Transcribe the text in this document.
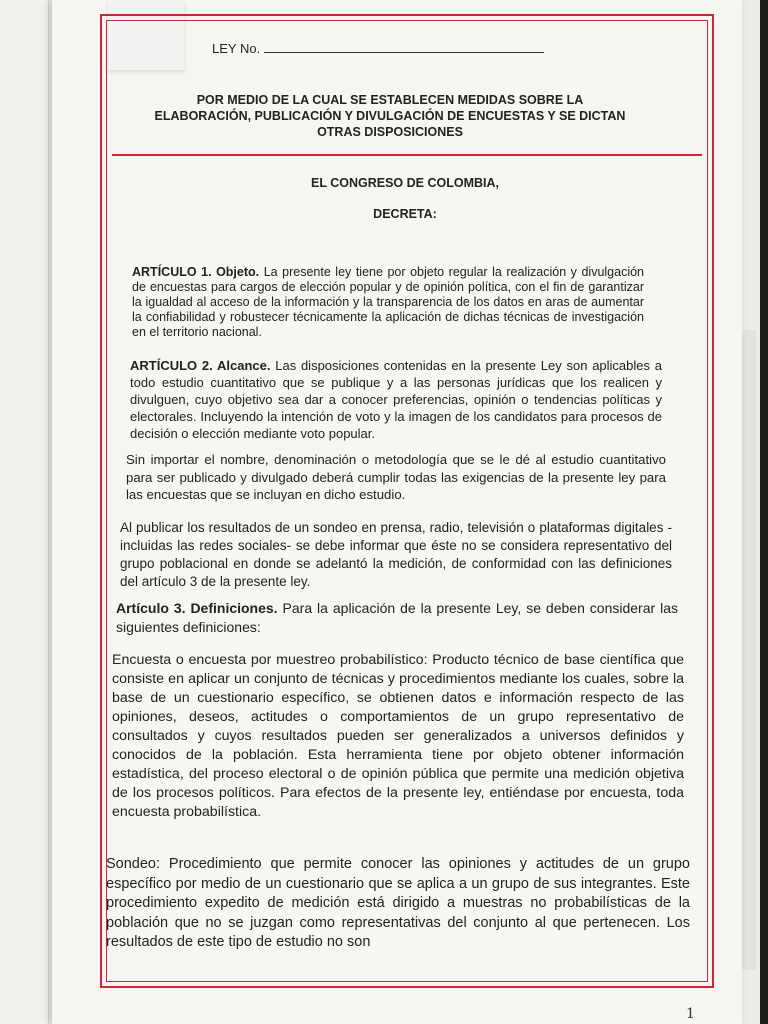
LEY No.
POR MEDIO DE LA CUAL SE ESTABLECEN MEDIDAS SOBRE LA ELABORACIÓN, PUBLICACIÓN Y DIVULGACIÓN DE ENCUESTAS Y SE DICTAN OTRAS DISPOSICIONES
EL CONGRESO DE COLOMBIA,
DECRETA:
ARTÍCULO 1. Objeto. La presente ley tiene por objeto regular la realización y divulgación de encuestas para cargos de elección popular y de opinión política, con el fin de garantizar la igualdad al acceso de la información y la transparencia de los datos en aras de aumentar la confiabilidad y robustecer técnicamente la aplicación de dichas técnicas de investigación en el territorio nacional.
ARTÍCULO 2. Alcance. Las disposiciones contenidas en la presente Ley son aplicables a todo estudio cuantitativo que se publique y a las personas jurídicas que los realicen y divulguen, cuyo objetivo sea dar a conocer preferencias, opinión o tendencias políticas y electorales. Incluyendo la intención de voto y la imagen de los candidatos para procesos de decisión o elección mediante voto popular.
Sin importar el nombre, denominación o metodología que se le dé al estudio cuantitativo para ser publicado y divulgado deberá cumplir todas las exigencias de la presente ley para las encuestas que se incluyan en dicho estudio.
Al publicar los resultados de un sondeo en prensa, radio, televisión o plataformas digitales -incluidas las redes sociales- se debe informar que éste no se considera representativo del grupo poblacional en donde se adelantó la medición, de conformidad con las definiciones del artículo 3 de la presente ley.
Artículo 3. Definiciones. Para la aplicación de la presente Ley, se deben considerar las siguientes definiciones:
Encuesta o encuesta por muestreo probabilístico: Producto técnico de base científica que consiste en aplicar un conjunto de técnicas y procedimientos mediante los cuales, sobre la base de un cuestionario específico, se obtienen datos e información respecto de las opiniones, deseos, actitudes o comportamientos de un grupo representativo de consultados y cuyos resultados pueden ser generalizados a universos definidos y conocidos de la población. Esta herramienta tiene por objeto obtener información estadística, del proceso electoral o de opinión pública que permite una medición objetiva de los procesos políticos. Para efectos de la presente ley, entiéndase por encuesta, toda encuesta probabilística.
Sondeo: Procedimiento que permite conocer las opiniones y actitudes de un grupo específico por medio de un cuestionario que se aplica a un grupo de sus integrantes. Este procedimiento expedito de medición está dirigido a muestras no probabilísticas de la población que no se juzgan como representativas del conjunto al que pertenecen. Los resultados de este tipo de estudio no son
1
